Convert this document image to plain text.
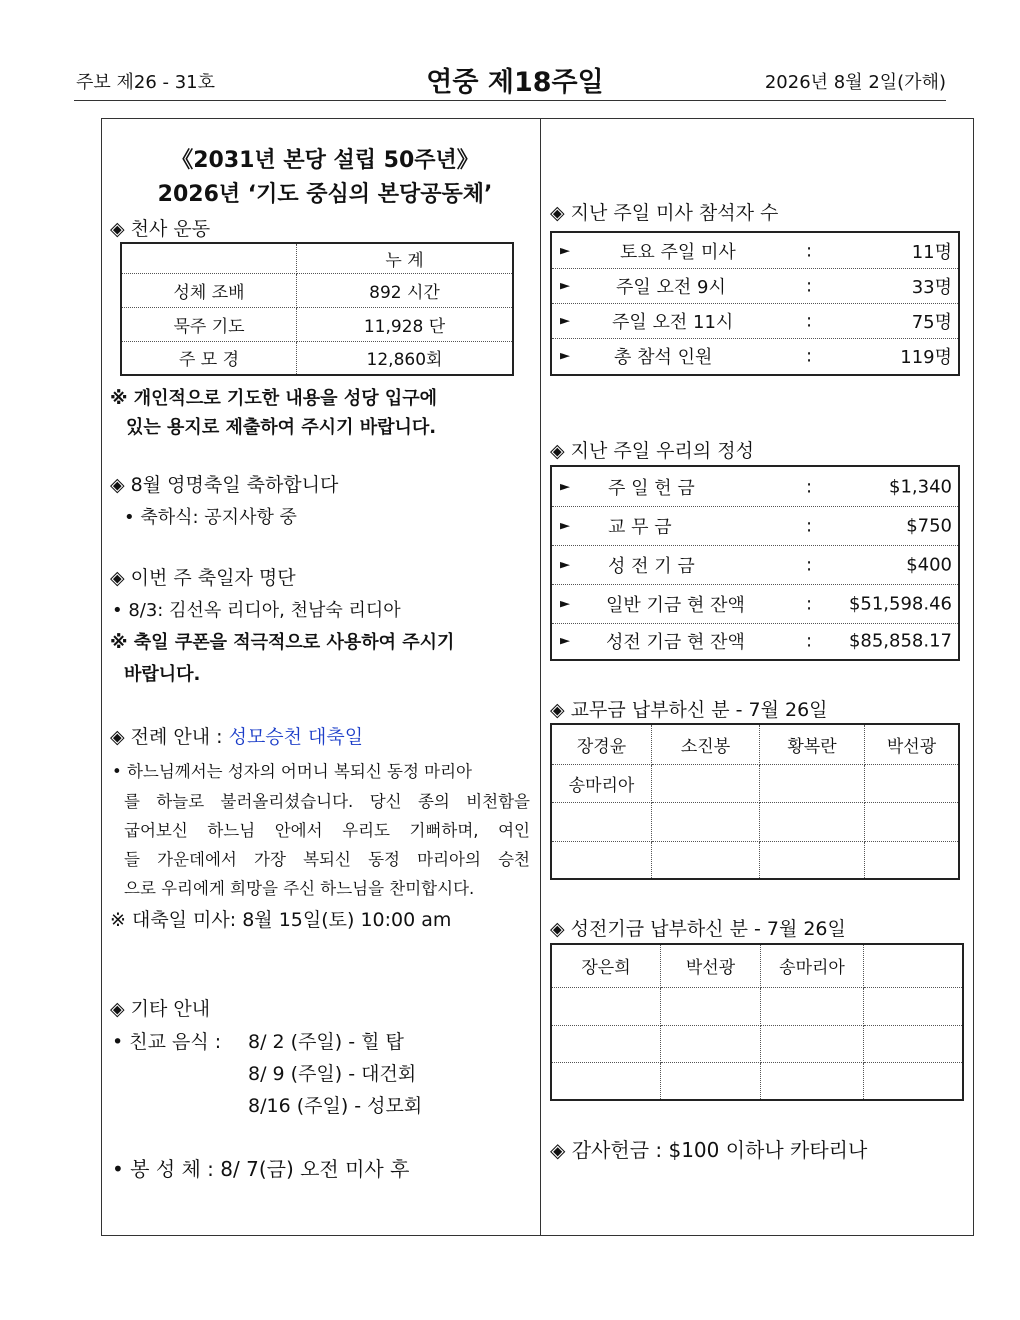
주보 제26 - 31호	연중 제18주일	2026년 8월 2일(가해)
《2031년 본당 설립 50주년》
2026년 ‘기도 중심의 본당공동체’
◈ 천사 운동
	누 계
성체 조배	892 시간
묵주 기도	11,928 단
주 모 경	12,860회
※ 개인적으로 기도한 내용을 성당 입구에
있는 용지로 제출하여 주시기 바랍니다.
◈ 8월 영명축일 축하합니다
• 축하식: 공지사항 중
◈ 이번 주 축일자 명단
• 8/3: 김선옥 리디아, 천남숙 리디아
※ 축일 쿠폰을 적극적으로 사용하여 주시기
바랍니다.
◈ 전례 안내 : 성모승천 대축일
• 하느님께서는 성자의 어머니 복되신 동정 마리아
를 하늘로 불러올리셨습니다. 당신 종의 비천함을
굽어보신 하느님 안에서 우리도 기뻐하며, 여인
들 가운데에서 가장 복되신 동정 마리아의 승천
으로 우리에게 희망을 주신 하느님을 찬미합시다.
※ 대축일 미사: 8월 15일(토) 10:00 am
◈ 기타 안내
• 친교 음식 : 8/ 2 (주일) - 힐 탑
8/ 9 (주일) - 대건회
8/16 (주일) - 성모회
• 봉 성 체 : 8/ 7(금) 오전 미사 후
◈ 지난 주일 미사 참석자 수
►	토요 주일 미사	:	11명
►	주일 오전 9시	:	33명
► 주일 오전 11시	:	75명
► 총 참석 인원	:	119명
◈ 지난 주일 우리의 정성
► 주 일 헌 금	:	$1,340
► 교 무 금	:	$750
► 성 전 기 금	:	$400
► 일반 기금 현 잔액	: $51,598.46
► 성전 기금 현 잔액	: $85,858.17
◈ 교무금 납부하신 분 - 7월 26일
장경윤	소진봉	황복란	박선광
송마리아			

◈ 성전기금 납부하신 분 - 7월 26일
장은희	박선광	송마리아	

◈ 감사헌금 : $100 이하나 카타리나
